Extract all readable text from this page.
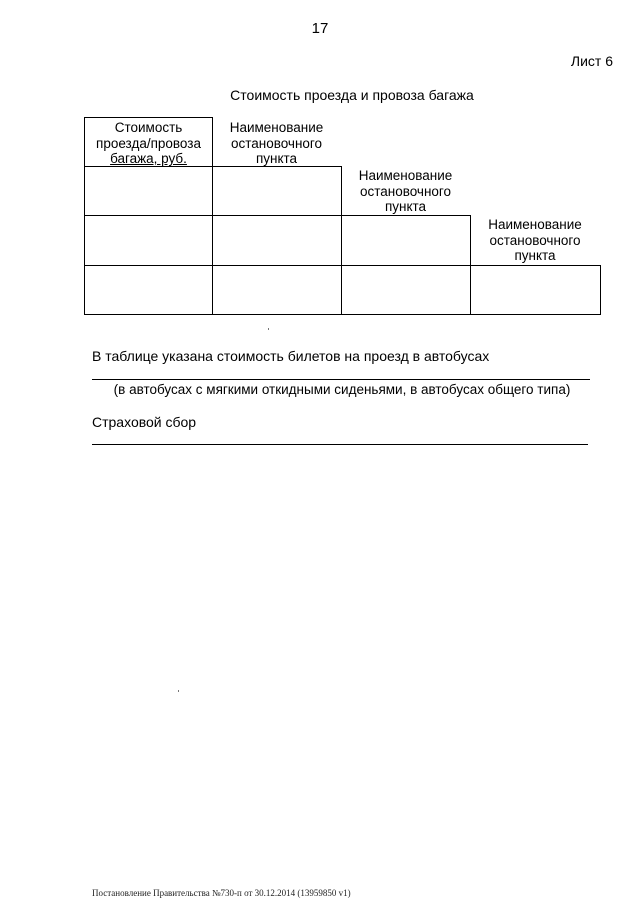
17
Лист 6
Стоимость проезда и провоза багажа
Стоимость
проезда/провоза
багажа, руб.
Наименование
остановочного
пункта
Наименование
остановочного
пункта
Наименование
остановочного
пункта
В таблице указана стоимость билетов на проезд в автобусах
(в автобусах с мягкими откидными сиденьями, в автобусах общего типа)
Страховой сбор
Постановление Правительства №730-п от 30.12.2014 (13959850 v1)
